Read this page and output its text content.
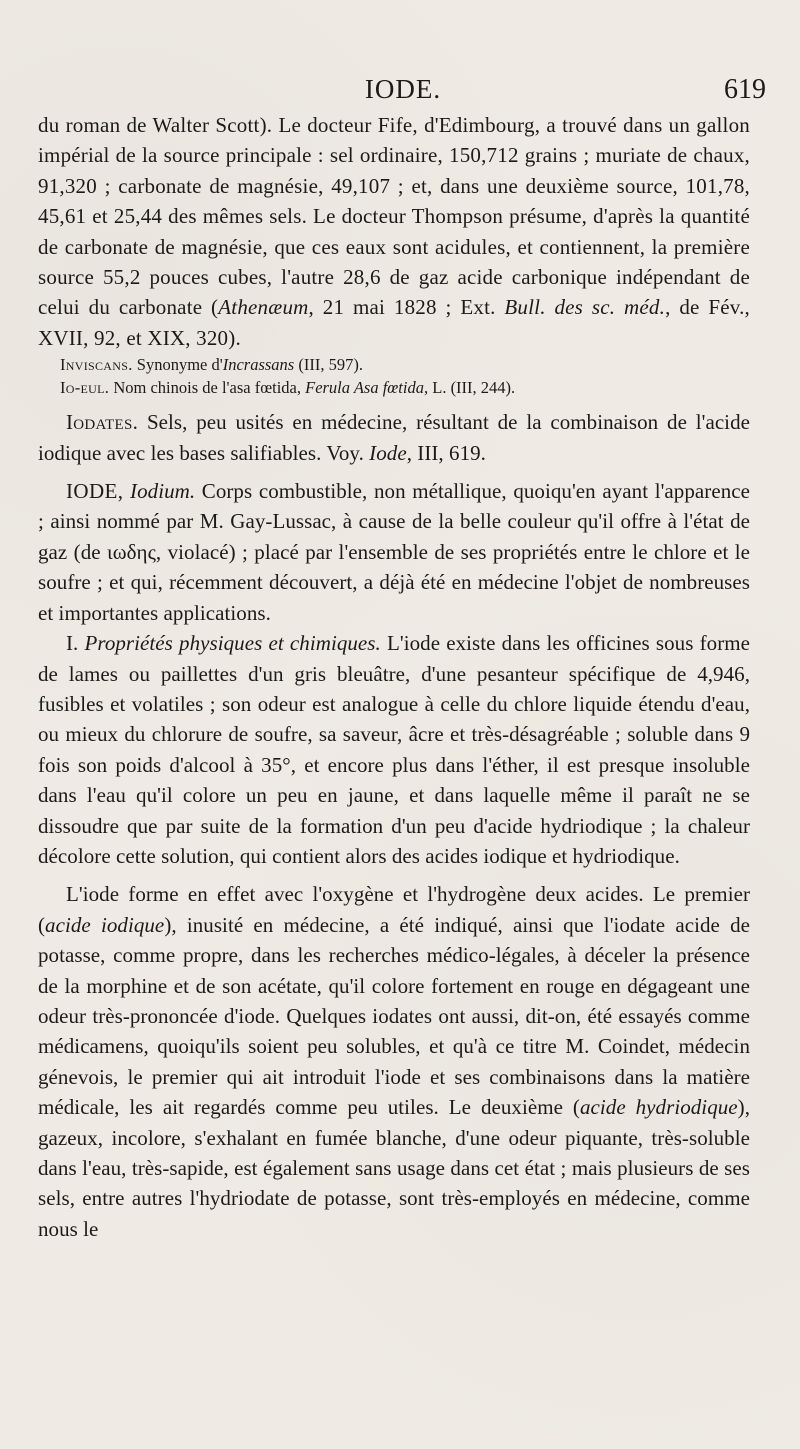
IODE.	619

du roman de Walter Scott). Le docteur Fife, d'Edimbourg, a trouvé dans un gallon impérial de la source principale : sel ordinaire, 150,712 grains ; muriate de chaux, 91,320 ; carbonate de magnésie, 49,107 ; et, dans une deuxième source, 101,78, 45,61 et 25,44 des mêmes sels. Le docteur Thompson présume, d'après la quantité de carbonate de magnésie, que ces eaux sont acidules, et contiennent, la première source 55,2 pouces cubes, l'autre 28,6 de gaz acide carbonique indépendant de celui du carbonate (Athenæum, 21 mai 1828 ; Ext. Bull. des sc. méd., de Fév., XVII, 92, et XIX, 320).

Inviscans. Synonyme d'Incrassans (III, 597).

Io-eul. Nom chinois de l'asa fœtida, Ferula Asa fœtida, L. (III, 244).

Iodates. Sels, peu usités en médecine, résultant de la combinaison de l'acide iodique avec les bases salifiables. Voy. Iode, III, 619.

IODE, Iodium. Corps combustible, non métallique, quoiqu'en ayant l'apparence ; ainsi nommé par M. Gay-Lussac, à cause de la belle couleur qu'il offre à l'état de gaz (de ιωδης, violacé) ; placé par l'ensemble de ses propriétés entre le chlore et le soufre ; et qui, récemment découvert, a déjà été en médecine l'objet de nombreuses et importantes applications.

I. Propriétés physiques et chimiques. L'iode existe dans les officines sous forme de lames ou paillettes d'un gris bleuâtre, d'une pesanteur spécifique de 4,946, fusibles et volatiles ; son odeur est analogue à celle du chlore liquide étendu d'eau, ou mieux du chlorure de soufre, sa saveur, âcre et très-désagréable ; soluble dans 9 fois son poids d'alcool à 35°, et encore plus dans l'éther, il est presque insoluble dans l'eau qu'il colore un peu en jaune, et dans laquelle même il paraît ne se dissoudre que par suite de la formation d'un peu d'acide hydriodique ; la chaleur décolore cette solution, qui contient alors des acides iodique et hydriodique.

L'iode forme en effet avec l'oxygène et l'hydrogène deux acides. Le premier (acide iodique), inusité en médecine, a été indiqué, ainsi que l'iodate acide de potasse, comme propre, dans les recherches médico-légales, à déceler la présence de la morphine et de son acétate, qu'il colore fortement en rouge en dégageant une odeur très-prononcée d'iode. Quelques iodates ont aussi, dit-on, été essayés comme médicamens, quoiqu'ils soient peu solubles, et qu'à ce titre M. Coindet, médecin génevois, le premier qui ait introduit l'iode et ses combinaisons dans la matière médicale, les ait regardés comme peu utiles. Le deuxième (acide hydriodique), gazeux, incolore, s'exhalant en fumée blanche, d'une odeur piquante, très-soluble dans l'eau, très-sapide, est également sans usage dans cet état ; mais plusieurs de ses sels, entre autres l'hydriodate de potasse, sont très-employés en médecine, comme nous le
